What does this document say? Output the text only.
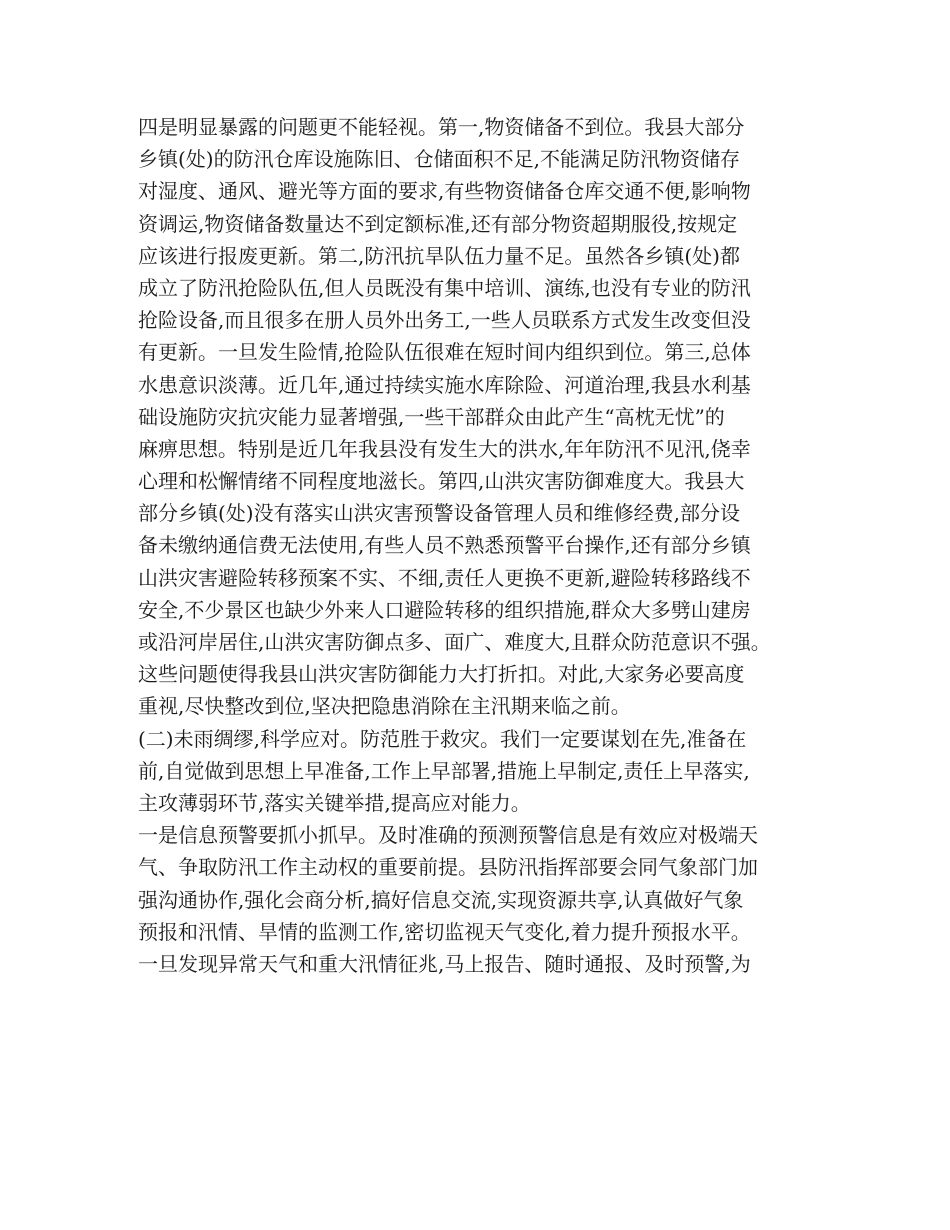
四是明显暴露的问题更不能轻视。第一,物资储备不到位。我县大部分
乡镇(处)的防汛仓库设施陈旧、仓储面积不足,不能满足防汛物资储存
对湿度、通风、避光等方面的要求,有些物资储备仓库交通不便,影响物
资调运,物资储备数量达不到定额标准,还有部分物资超期服役,按规定
应该进行报废更新。第二,防汛抗旱队伍力量不足。虽然各乡镇(处)都
成立了防汛抢险队伍,但人员既没有集中培训、演练,也没有专业的防汛
抢险设备,而且很多在册人员外出务工,一些人员联系方式发生改变但没
有更新。一旦发生险情,抢险队伍很难在短时间内组织到位。第三,总体
水患意识淡薄。近几年,通过持续实施水库除险、河道治理,我县水利基
础设施防灾抗灾能力显著增强,一些干部群众由此产生“高枕无忧”的
麻痹思想。特别是近几年我县没有发生大的洪水,年年防汛不见汛,侥幸
心理和松懈情绪不同程度地滋长。第四,山洪灾害防御难度大。我县大
部分乡镇(处)没有落实山洪灾害预警设备管理人员和维修经费,部分设
备未缴纳通信费无法使用,有些人员不熟悉预警平台操作,还有部分乡镇
山洪灾害避险转移预案不实、不细,责任人更换不更新,避险转移路线不
安全,不少景区也缺少外来人口避险转移的组织措施,群众大多劈山建房
或沿河岸居住,山洪灾害防御点多、面广、难度大,且群众防范意识不强。
这些问题使得我县山洪灾害防御能力大打折扣。对此,大家务必要高度
重视,尽快整改到位,坚决把隐患消除在主汛期来临之前。
(二)未雨绸缪,科学应对。防范胜于救灾。我们一定要谋划在先,准备在
前,自觉做到思想上早准备,工作上早部署,措施上早制定,责任上早落实,
主攻薄弱环节,落实关键举措,提高应对能力。
一是信息预警要抓小抓早。及时准确的预测预警信息是有效应对极端天
气、争取防汛工作主动权的重要前提。县防汛指挥部要会同气象部门加
强沟通协作,强化会商分析,搞好信息交流,实现资源共享,认真做好气象
预报和汛情、旱情的监测工作,密切监视天气变化,着力提升预报水平。
一旦发现异常天气和重大汛情征兆,马上报告、随时通报、及时预警,为
